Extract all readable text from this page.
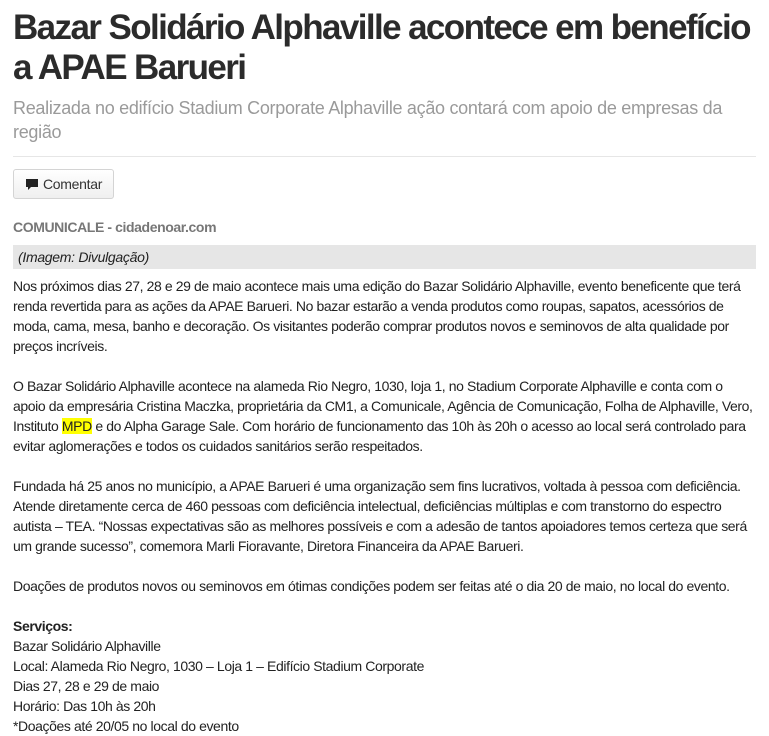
Bazar Solidário Alphaville acontece em benefício a APAE Barueri
Realizada no edifício Stadium Corporate Alphaville ação contará com apoio de empresas da região
Comentar
COMUNICALE - cidadenoar.com
(Imagem: Divulgação)

Nos próximos dias 27, 28 e 29 de maio acontece mais uma edição do Bazar Solidário Alphaville, evento beneficente que terá renda revertida para as ações da APAE Barueri. No bazar estarão a venda produtos como roupas, sapatos, acessórios de moda, cama, mesa, banho e decoração. Os visitantes poderão comprar produtos novos e seminovos de alta qualidade por preços incríveis.

O Bazar Solidário Alphaville acontece na alameda Rio Negro, 1030, loja 1, no Stadium Corporate Alphaville e conta com o apoio da empresária Cristina Maczka, proprietária da CM1, a Comunicale, Agência de Comunicação, Folha de Alphaville, Vero, Instituto MPD e do Alpha Garage Sale. Com horário de funcionamento das 10h às 20h o acesso ao local será controlado para evitar aglomerações e todos os cuidados sanitários serão respeitados.

Fundada há 25 anos no município, a APAE Barueri é uma organização sem fins lucrativos, voltada à pessoa com deficiência. Atende diretamente cerca de 460 pessoas com deficiência intelectual, deficiências múltiplas e com transtorno do espectro autista – TEA. “Nossas expectativas são as melhores possíveis e com a adesão de tantos apoiadores temos certeza que será um grande sucesso”, comemora Marli Fioravante, Diretora Financeira da APAE Barueri.

Doações de produtos novos ou seminovos em ótimas condições podem ser feitas até o dia 20 de maio, no local do evento.

Serviços:

Bazar Solidário Alphaville

Local: Alameda Rio Negro, 1030 – Loja 1 – Edifício Stadium Corporate

Dias 27, 28 e 29 de maio

Horário: Das 10h às 20h

*Doações até 20/05 no local do evento
